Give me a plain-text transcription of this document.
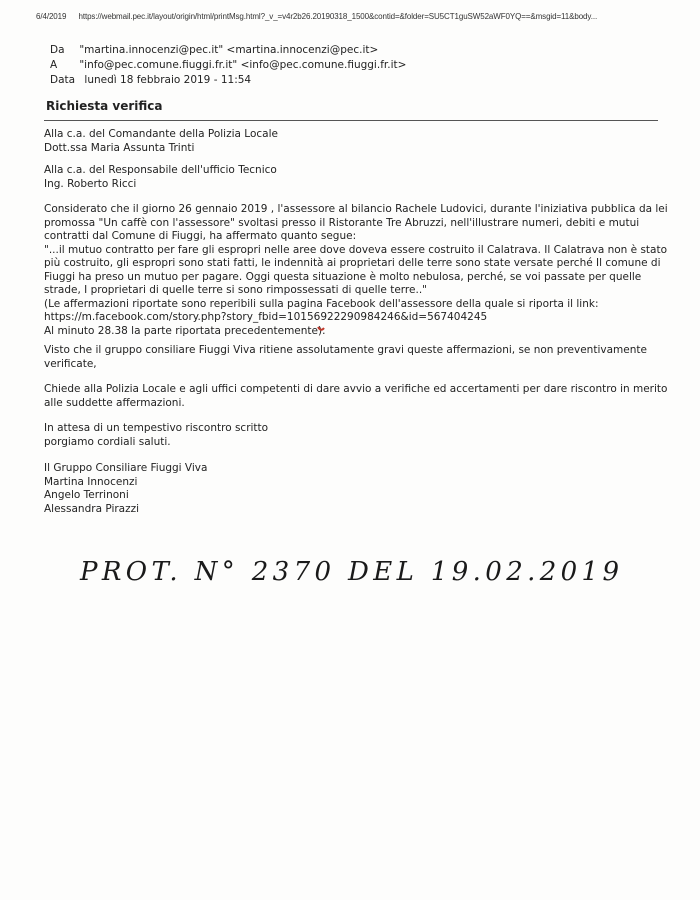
6/4/2019 https://webmail.pec.it/layout/origin/html/printMsg.html?_v_=v4r2b26.20190318_1500&contid=&folder=SU5CT1guSW52aWF0YQ==&msgid=11&body...
Da "martina.innocenzi@pec.it" <martina.innocenzi@pec.it>
A "info@pec.comune.fiuggi.fr.it" <info@pec.comune.fiuggi.fr.it>
Data lunedì 18 febbraio 2019 - 11:54
Richiesta verifica
Alla c.a. del Comandante della Polizia Locale
Dott.ssa Maria Assunta Trinti
Alla c.a. del Responsabile dell'ufficio Tecnico
Ing. Roberto Ricci
Considerato che il giorno 26 gennaio 2019 , l'assessore al bilancio Rachele Ludovici, durante l'iniziativa pubblica da lei
promossa "Un caffè con l'assessore" svoltasi presso il Ristorante Tre Abruzzi, nell'illustrare numeri, debiti e mutui
contratti dal Comune di Fiuggi, ha affermato quanto segue:
"...il mutuo contratto per fare gli espropri nelle aree dove doveva essere costruito il Calatrava. Il Calatrava non è stato
più costruito, gli espropri sono stati fatti, le indennità ai proprietari delle terre sono state versate perché Il comune di
Fiuggi ha preso un mutuo per pagare. Oggi questa situazione è molto nebulosa, perché, se voi passate per quelle
strade, I proprietari di quelle terre si sono rimpossessati di quelle terre.."
(Le affermazioni riportate sono reperibili sulla pagina Facebook dell'assessore della quale si riporta il link:
https://m.facebook.com/story.php?story_fbid=10156922290984246&id=567404245
Al minuto 28.38 la parte riportata precedentemente).
Visto che il gruppo consiliare Fiuggi Viva ritiene assolutamente gravi queste affermazioni, se non preventivamente
verificate,
Chiede alla Polizia Locale e agli uffici competenti di dare avvio a verifiche ed accertamenti per dare riscontro in merito
alle suddette affermazioni.
In attesa di un tempestivo riscontro scritto
porgiamo cordiali saluti.
Il Gruppo Consiliare Fiuggi Viva
Martina Innocenzi
Angelo Terrinoni
Alessandra Pirazzi
PROT. N° 2370 DEL 19.02.2019
